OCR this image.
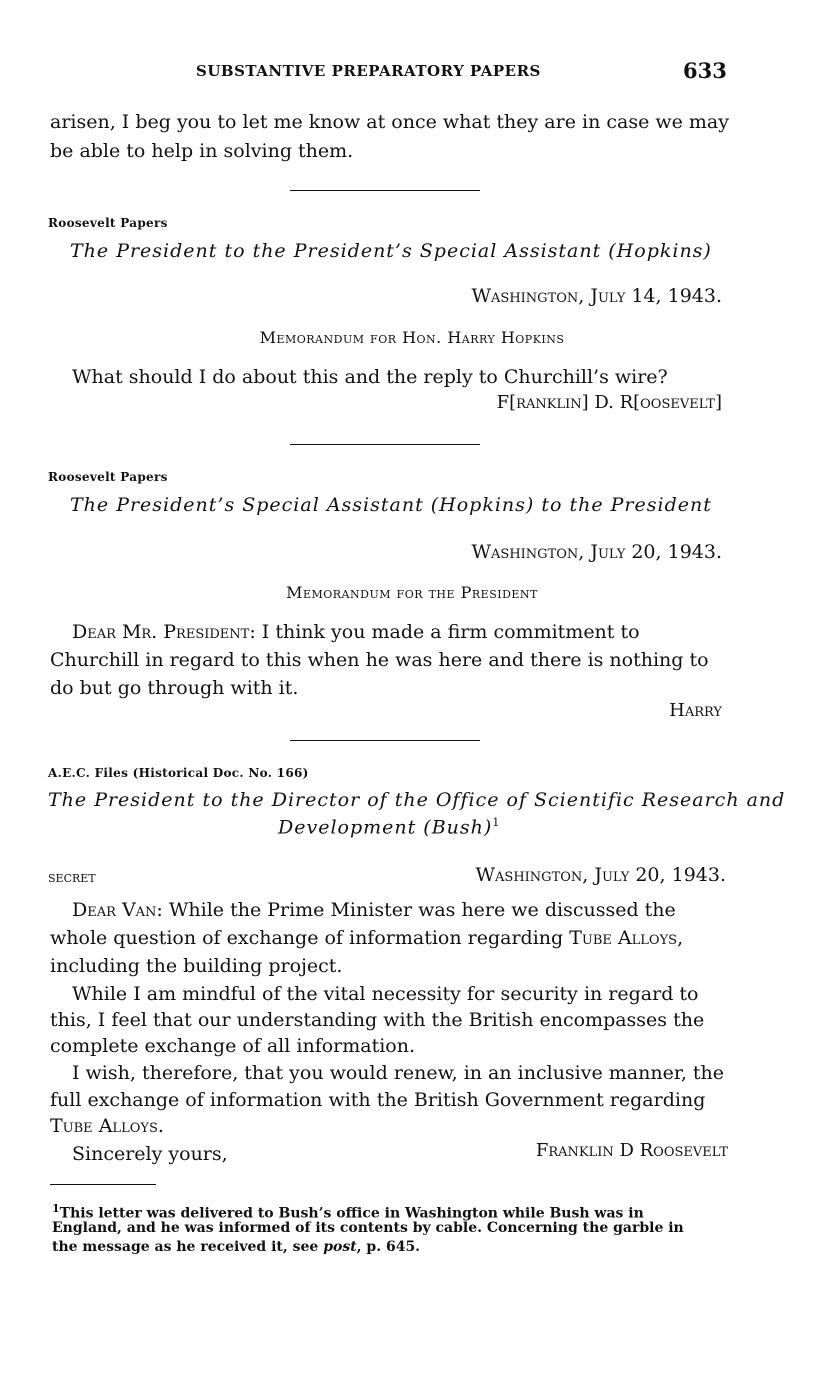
SUBSTANTIVE PREPARATORY PAPERS	633
arisen, I beg you to let me know at once what they are in case we may
be able to help in solving them.
Roosevelt Papers
The President to the President’s Special Assistant (Hopkins)
Washington, July 14, 1943.
Memorandum for Hon. Harry Hopkins
What should I do about this and the reply to Churchill’s wire?
F[ranklin] D. R[oosevelt]
Roosevelt Papers
The President’s Special Assistant (Hopkins) to the President
Washington, July 20, 1943.
Memorandum for the President
Dear Mr. President: I think you made a firm commitment to
Churchill in regard to this when he was here and there is nothing to
do but go through with it.
Harry
A.E.C. Files (Historical Doc. No. 166)
The President to the Director of the Office of Scientific Research and
Development (Bush)$^1$
secret	Washington, July 20, 1943.
Dear Van: While the Prime Minister was here we discussed the
whole question of exchange of information regarding Tube Alloys,
including the building project.
While I am mindful of the vital necessity for security in regard to
this, I feel that our understanding with the British encompasses the
complete exchange of all information.
I wish, therefore, that you would renew, in an inclusive manner, the
full exchange of information with the British Government regarding
Tube Alloys.
Sincerely yours,	Franklin D Roosevelt
$^1$This letter was delivered to Bush’s office in Washington while Bush was in
England, and he was informed of its contents by cable. Concerning the garble in
the message as he received it, see post, p. 645.
